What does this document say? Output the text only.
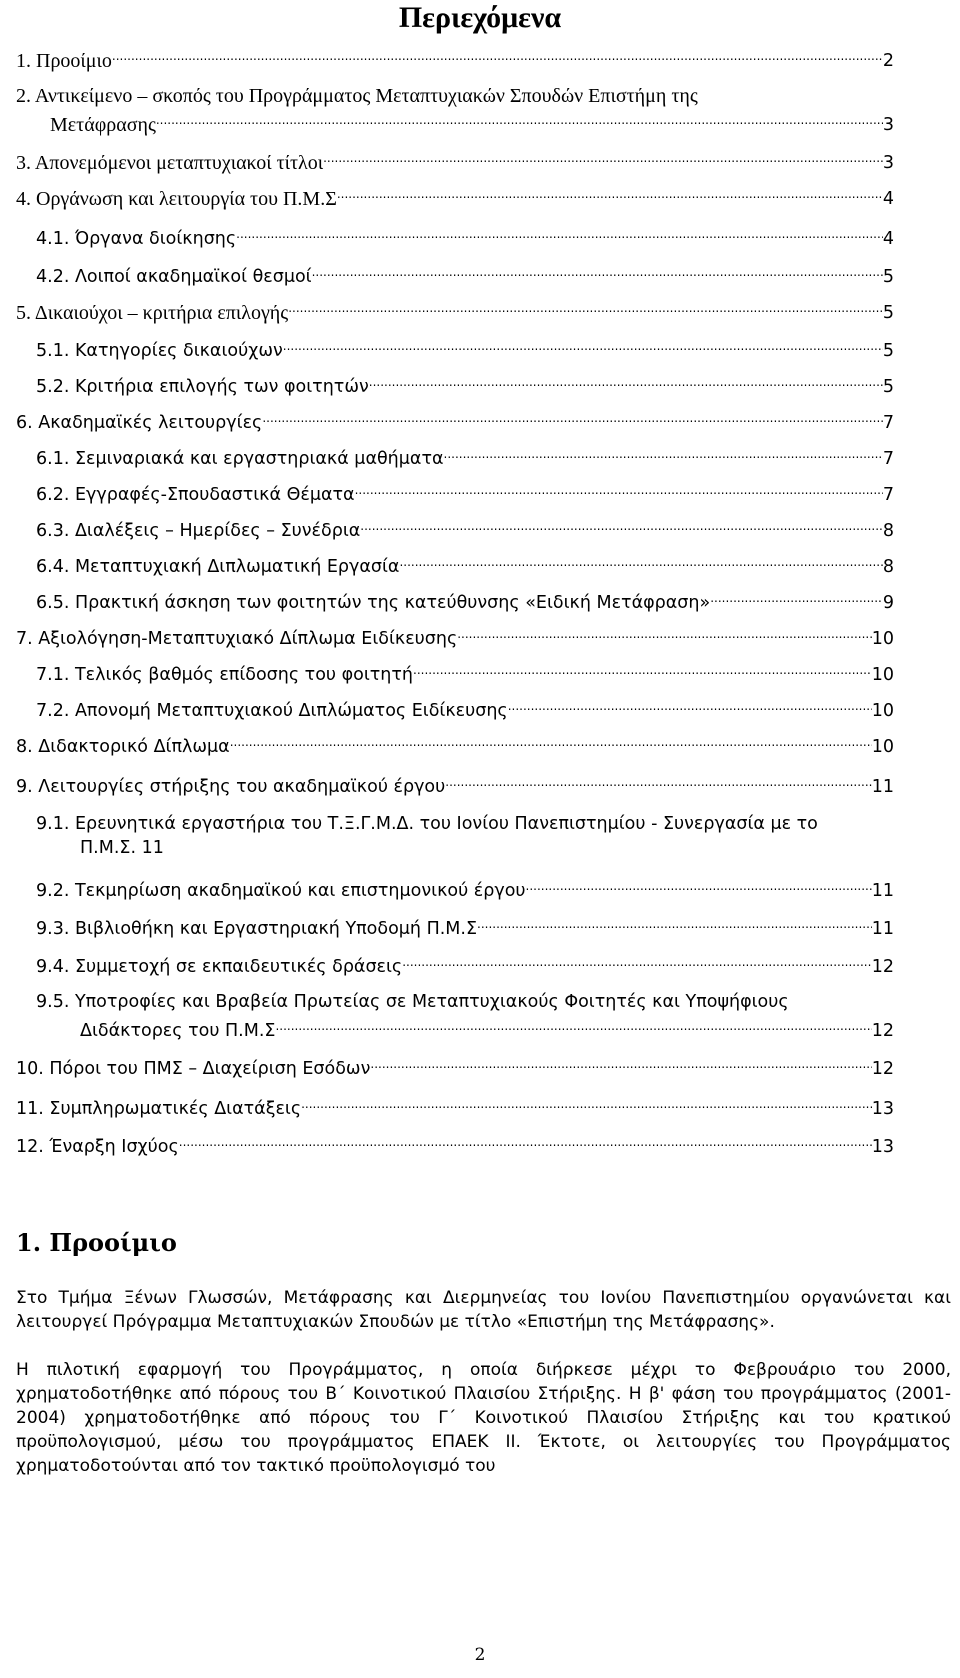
Περιεχόμενα
1. Προοίμιο .....	2
2. Αντικείμενο – σκοπός του Προγράμματος Μεταπτυχιακών Σπουδών Επιστήμη της
Μετάφρασης .....	3
3. Απονεμόμενοι μεταπτυχιακοί τίτλοι .....	3
4. Οργάνωση και λειτουργία του Π.Μ.Σ .....	4
4.1. Όργανα διοίκησης .....	4
4.2. Λοιποί ακαδημαϊκοί θεσμοί .....	5
5. Δικαιούχοι – κριτήρια επιλογής .....	5
5.1. Κατηγορίες δικαιούχων .....	5
5.2. Κριτήρια επιλογής των φοιτητών .....	5
6. Ακαδημαϊκές λειτουργίες .....	7
6.1. Σεμιναριακά και εργαστηριακά μαθήματα .....	7
6.2. Εγγραφές-Σπουδαστικά Θέματα .....	7
6.3. Διαλέξεις – Ημερίδες – Συνέδρια .....	8
6.4. Μεταπτυχιακή Διπλωματική Εργασία .....	8
6.5. Πρακτική άσκηση των φοιτητών της κατεύθυνσης «Ειδική Μετάφραση» .....	9
7. Αξιολόγηση-Μεταπτυχιακό Δίπλωμα Ειδίκευσης .....	10
7.1. Τελικός βαθμός επίδοσης του φοιτητή .....	10
7.2. Απονομή Μεταπτυχιακού Διπλώματος Ειδίκευσης .....	10
8. Διδακτορικό Δίπλωμα .....	10
9. Λειτουργίες στήριξης του ακαδημαϊκού έργου .....	11
9.1. Ερευνητικά εργαστήρια του Τ.Ξ.Γ.Μ.Δ. του Ιονίου Πανεπιστημίου - Συνεργασία με το
Π.Μ.Σ. 11
9.2. Τεκμηρίωση ακαδημαϊκού και επιστημονικού έργου .....	11
9.3. Βιβλιοθήκη και Εργαστηριακή Υποδομή Π.Μ.Σ .....	11
9.4. Συμμετοχή σε εκπαιδευτικές δράσεις .....	12
9.5. Υποτροφίες και Βραβεία Πρωτείας σε Μεταπτυχιακούς Φοιτητές και Υποψήφιους
Διδάκτορες του Π.Μ.Σ .....	12
10. Πόροι του ΠΜΣ – Διαχείριση Εσόδων .....	12
11. Συμπληρωματικές Διατάξεις .....	13
12. Έναρξη Ισχύος .....	13
1. Προοίμιο

Στο Τμήμα Ξένων Γλωσσών, Μετάφρασης και Διερμηνείας του Ιονίου Πανεπιστημίου οργανώνεται και λειτουργεί Πρόγραμμα Μεταπτυχιακών Σπουδών με τίτλο «Επιστήμη της Μετάφρασης».

Η πιλοτική εφαρμογή του Προγράμματος, η οποία διήρκεσε μέχρι το Φεβρουάριο του 2000, χρηματοδοτήθηκε από πόρους του Β΄ Κοινοτικού Πλαισίου Στήριξης. Η β' φάση του προγράμματος (2001-2004) χρηματοδοτήθηκε από πόρους του Γ΄ Κοινοτικού Πλαισίου Στήριξης και του κρατικού προϋπολογισμού, μέσω του προγράμματος ΕΠΑΕΚ ΙΙ. Έκτοτε, οι λειτουργίες του Προγράμματος χρηματοδοτούνται από τον τακτικό προϋπολογισμό του

2
